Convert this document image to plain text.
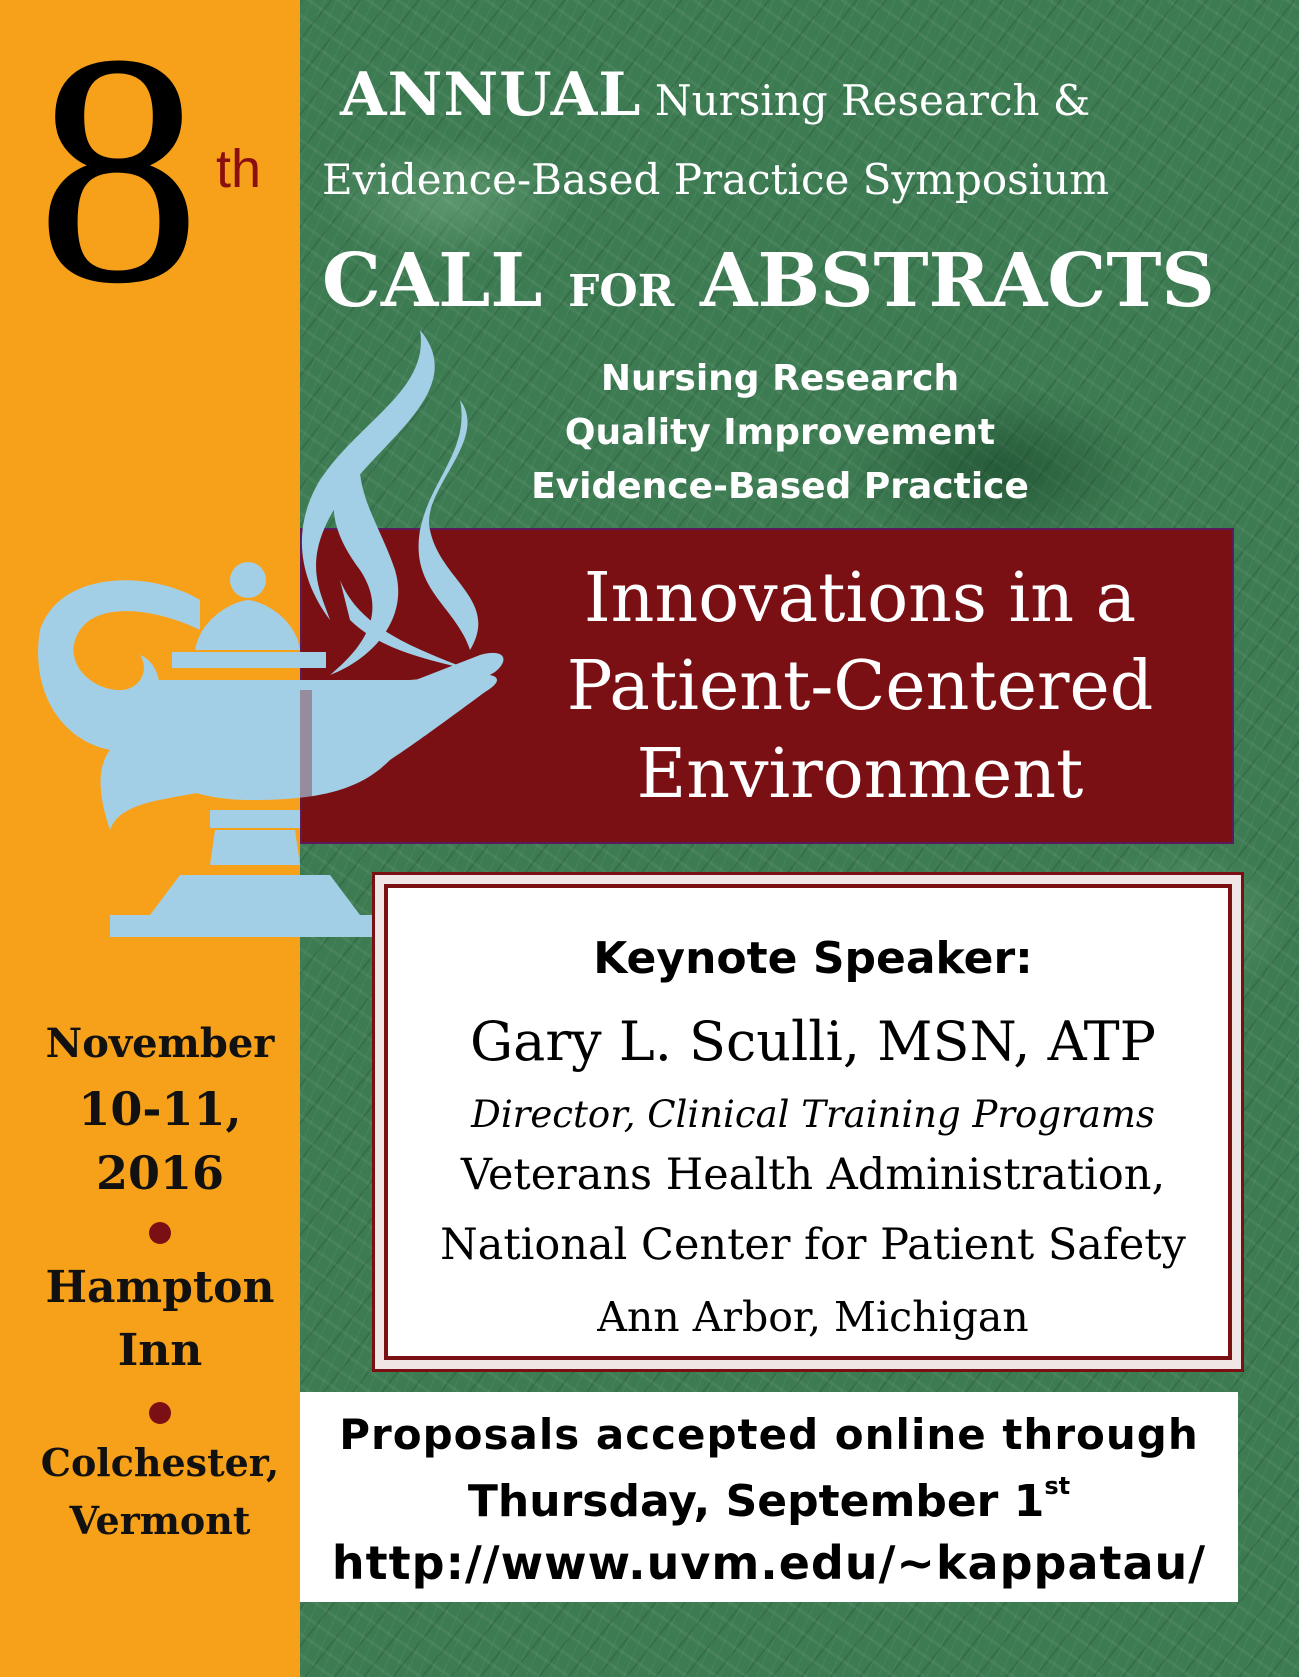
8 th
ANNUAL Nursing Research &
Evidence-Based Practice Symposium
CALL FOR ABSTRACTS
Nursing Research
Quality Improvement
Evidence-Based Practice
Innovations in a
Patient-Centered
Environment
Keynote Speaker:
Gary L. Sculli, MSN, ATP
Director, Clinical Training Programs
Veterans Health Administration,
National Center for Patient Safety
Ann Arbor, Michigan
Proposals accepted online through
Thursday, September 1st
http://www.uvm.edu/~kappatau/
November
10-11,
2016
Hampton
Inn
Colchester,
Vermont
